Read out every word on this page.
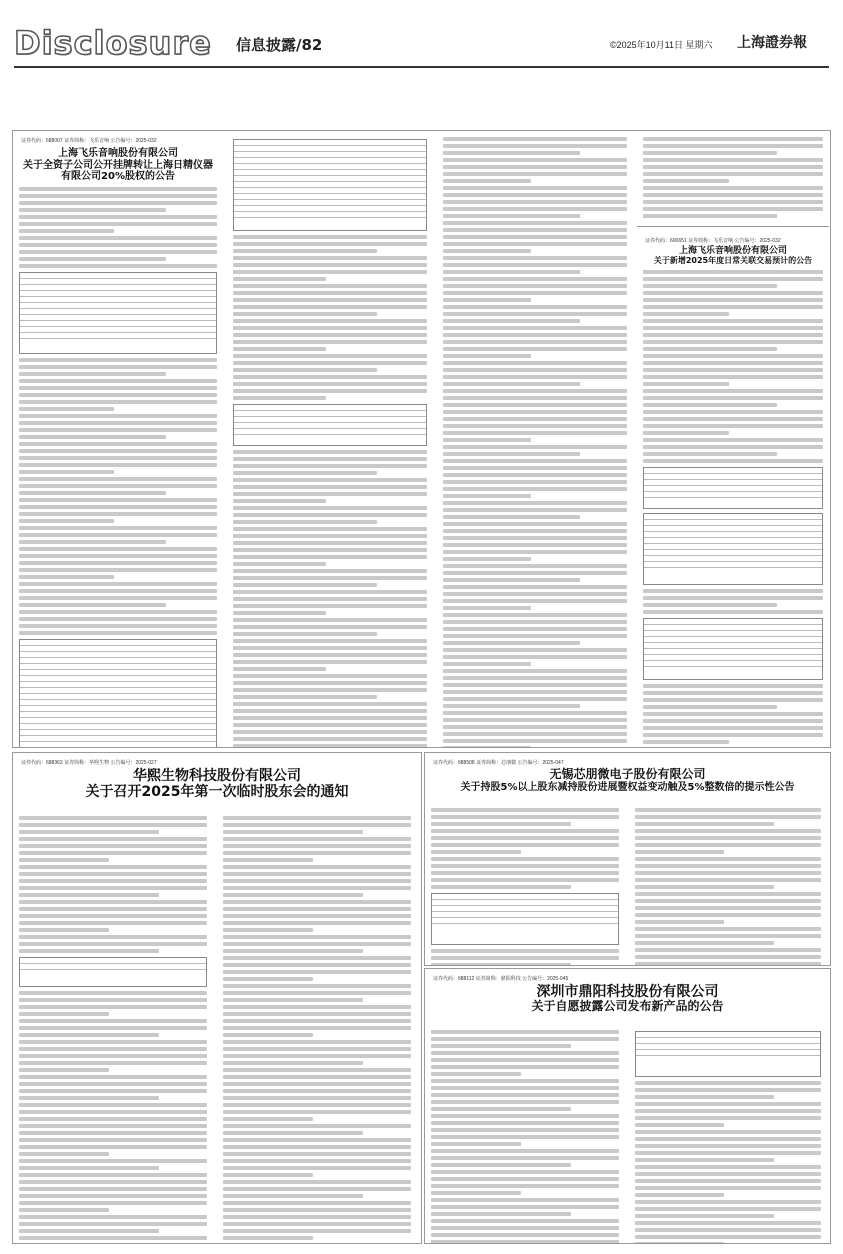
Disclosure 信息披露/82	©2025年10月11日 星期六 上海證券報
证券代码：688007 证券简称：飞乐音响 公告编号：2025-032
上海飞乐音响股份有限公司
关于全资子公司公开挂牌转让上海日精仪器
有限公司20%股权的公告
证券代码：600651 证券简称：飞乐音响 公告编号：2025-032
上海飞乐音响股份有限公司
关于新增2025年度日常关联交易预计的公告
证券代码：688363 证券简称：华熙生物 公告编号：2025-027
华熙生物科技股份有限公司
关于召开2025年第一次临时股东会的通知
证券代码：688508 证券简称：芯朋微 公告编号：2025-047
无锡芯朋微电子股份有限公司
关于持股5%以上股东减持股份进展暨权益变动触及5%整数倍的提示性公告
证券代码：688112 证券简称：鼎阳科技 公告编号：2025-045
深圳市鼎阳科技股份有限公司
关于自愿披露公司发布新产品的公告
